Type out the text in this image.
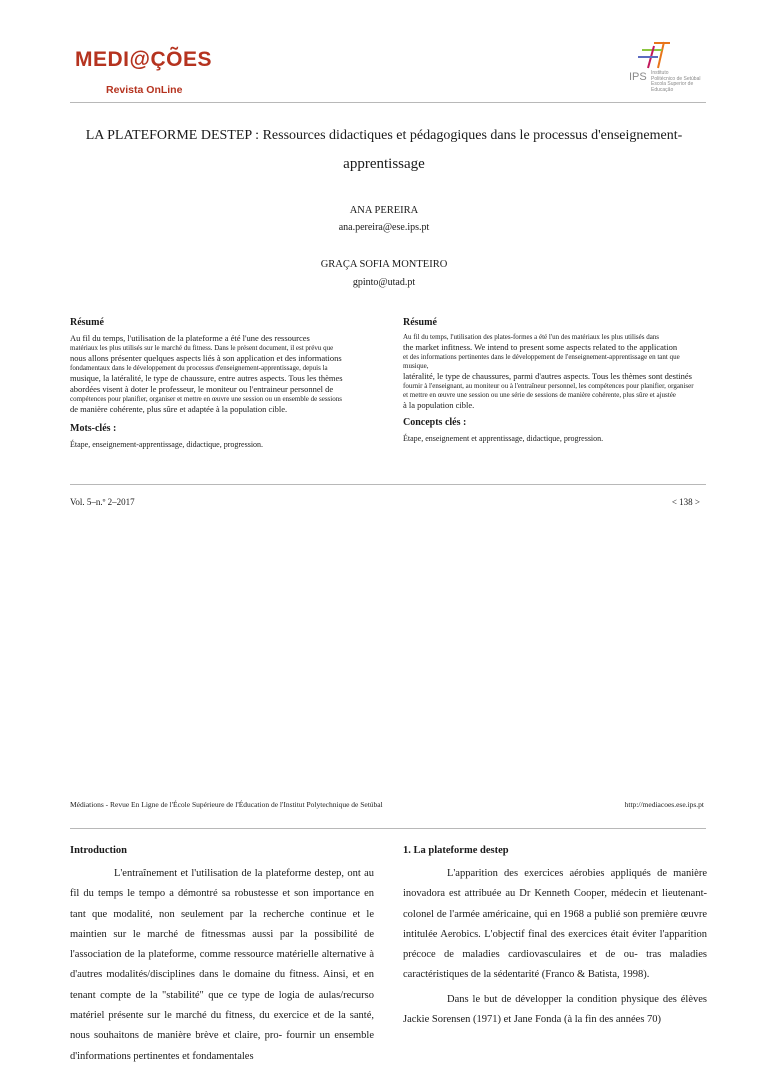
MEDI@ÇÕES
Revista OnLine
IPS Instituto
Politécnico de Setúbal
Escola Superior de
Educação
LA PLATEFORME DESTEP : Ressources didactiques et pédagogiques dans le processus d'enseignement-
apprentissage
ANA PEREIRA
ana.pereira@ese.ips.pt
GRAÇA SOFIA MONTEIRO
gpinto@utad.pt
Résumé

Au fil du temps, l'utilisation de la plateforme a été l'une des ressources
matériaux les plus utilisés sur le marché du fitness. Dans le présent document, il est prévu que
nous allons présenter quelques aspects liés à son application et des informations
fondamentaux dans le développement du processus d'enseignement-apprentissage, depuis la
musique, la latéralité, le type de chaussure, entre autres aspects. Tous les thèmes abordées visent à doter le professeur, le moniteur ou l'entraineur personnel de
compétences pour planifier, organiser et mettre en œuvre une session ou un ensemble de sessions
de manière cohérente, plus sûre et adaptée à la population cible.

Mots-clés :

Étape, enseignement-apprentissage, didactique, progression.

Résumé

Au fil du temps, l'utilisation des plates-formes a été l'un des matériaux les plus utilisés dans
the market infitness. We intend to present some aspects related to the application
et des informations pertinentes dans le développement de l'enseignement-apprentissage en tant que musique,
latéralité, le type de chaussures, parmi d'autres aspects. Tous les thèmes sont destinés
fournir à l'enseignant, au moniteur ou à l'entraîneur personnel, les compétences pour planifier, organiser
et mettre en œuvre une session ou une série de sessions de manière cohérente, plus sûre et ajustée
à la population cible.

Concepts clés :

Étape, enseignement et apprentissage, didactique, progression.

Vol. 5–n.º 2–2017	< 138 >
Médiations - Revue En Ligne de l'École Supérieure de l'Éducation de l'Institut Polytechnique de Setúbal	http://mediacoes.ese.ips.pt
Introduction

L'entraînement et l'utilisation de la plateforme destep, ont au fil du temps le tempo a démontré sa robustesse et son importance en tant que modalité, non seulement par la recherche continue et le maintien sur le marché de fitnessmas aussi par la possibilité de l'association de la plateforme, comme ressource matérielle alternative à d'autres modalités/disciplines dans le domaine du fitness. Ainsi, et en tenant compte de la "stabilité" que ce type de logia de aulas/recurso matériel présente sur le marché du fitness, du exercice et de la santé, nous souhaitons de manière brève et claire, pro- fournir un ensemble d'informations pertinentes et fondamentales

1. La plateforme destep

L'apparition des exercices aérobies appliqués de manière inovadora est attribuée au Dr Kenneth Cooper, médecin et lieutenant-colonel de l'armée américaine, qui en 1968 a publié son première œuvre intitulée Aerobics. L'objectif final des exercices était éviter l'apparition précoce de maladies cardiovasculaires et de ou- tras maladies caractéristiques de la sédentarité (Franco & Batista, 1998).

Dans le but de développer la condition physique des élèves Jackie Sorensen (1971) et Jane Fonda (à la fin des années 70)
